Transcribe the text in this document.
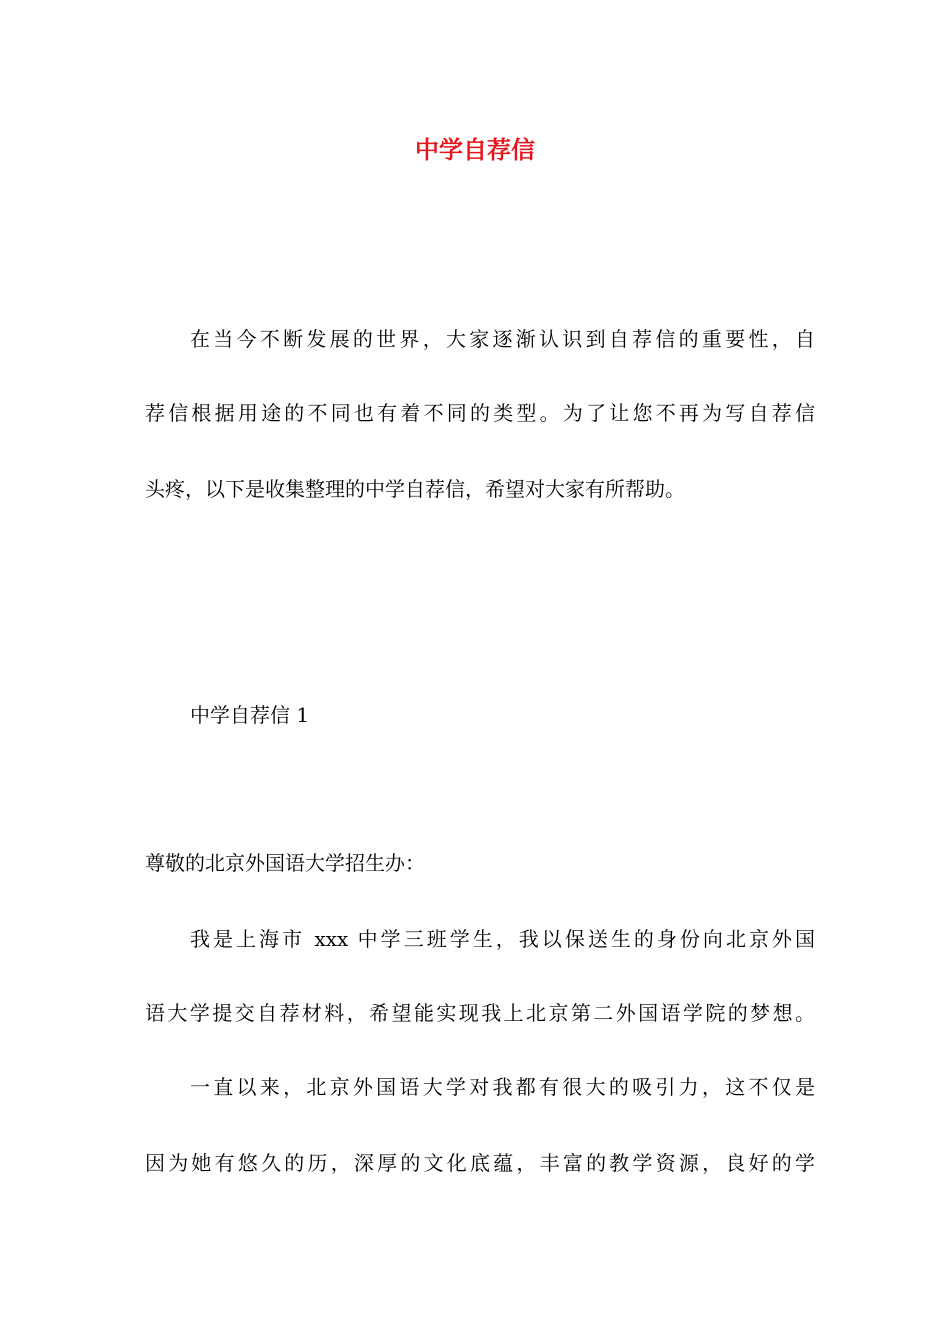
中学自荐信

在当今不断发展的世界，大家逐渐认识到自荐信的重要性，自

荐信根据用途的不同也有着不同的类型。为了让您不再为写自荐信

头疼，以下是收集整理的中学自荐信，希望对大家有所帮助。

中学自荐信 1

尊敬的北京外国语大学招生办：

我是上海市 xxx 中学三班学生，我以保送生的身份向北京外国

语大学提交自荐材料，希望能实现我上北京第二外国语学院的梦想。

一直以来，北京外国语大学对我都有很大的吸引力，这不仅是

因为她有悠久的历，深厚的文化底蕴，丰富的教学资源，良好的学
